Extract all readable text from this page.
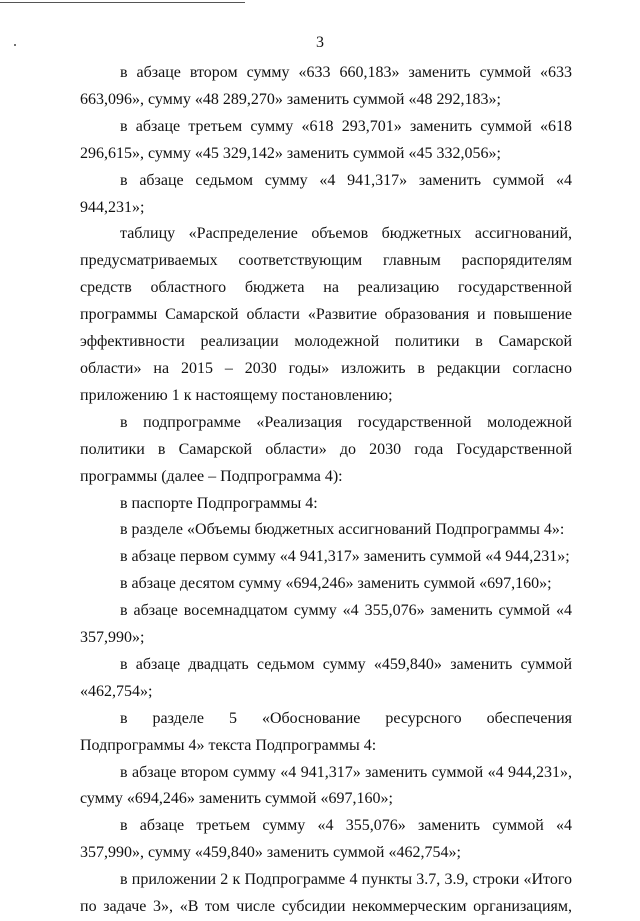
3

в абзаце втором сумму «633 660,183» заменить суммой «633 663,096», сумму «48 289,270» заменить суммой «48 292,183»;

в абзаце третьем сумму «618 293,701» заменить суммой «618 296,615», сумму «45 329,142» заменить суммой «45 332,056»;

в абзаце седьмом сумму «4 941,317» заменить суммой «4 944,231»;

таблицу «Распределение объемов бюджетных ассигнований, предусматриваемых соответствующим главным распорядителям средств областного бюджета на реализацию государственной программы Самарской области «Развитие образования и повышение эффективности реализации молодежной политики в Самарской области» на 2015 – 2030 годы» изложить в редакции согласно приложению 1 к настоящему постановлению;

в подпрограмме «Реализация государственной молодежной политики в Самарской области» до 2030 года Государственной программы (далее – Подпрограмма 4):

в паспорте Подпрограммы 4:

в разделе «Объемы бюджетных ассигнований Подпрограммы 4»:

в абзаце первом сумму «4 941,317» заменить суммой «4 944,231»;

в абзаце десятом сумму «694,246» заменить суммой «697,160»;

в абзаце восемнадцатом сумму «4 355,076» заменить суммой «4 357,990»;

в абзаце двадцать седьмом сумму «459,840» заменить суммой «462,754»;

в разделе 5 «Обоснование ресурсного обеспечения Подпрограммы 4» текста Подпрограммы 4:

в абзаце втором сумму «4 941,317» заменить суммой «4 944,231», сумму «694,246» заменить суммой «697,160»;

в абзаце третьем сумму «4 355,076» заменить суммой «4 357,990», сумму «459,840» заменить суммой «462,754»;

в приложении 2 к Подпрограмме 4 пункты 3.7, 3.9, строки «Итого по задаче 3», «В том числе субсидии некоммерческим организациям,
